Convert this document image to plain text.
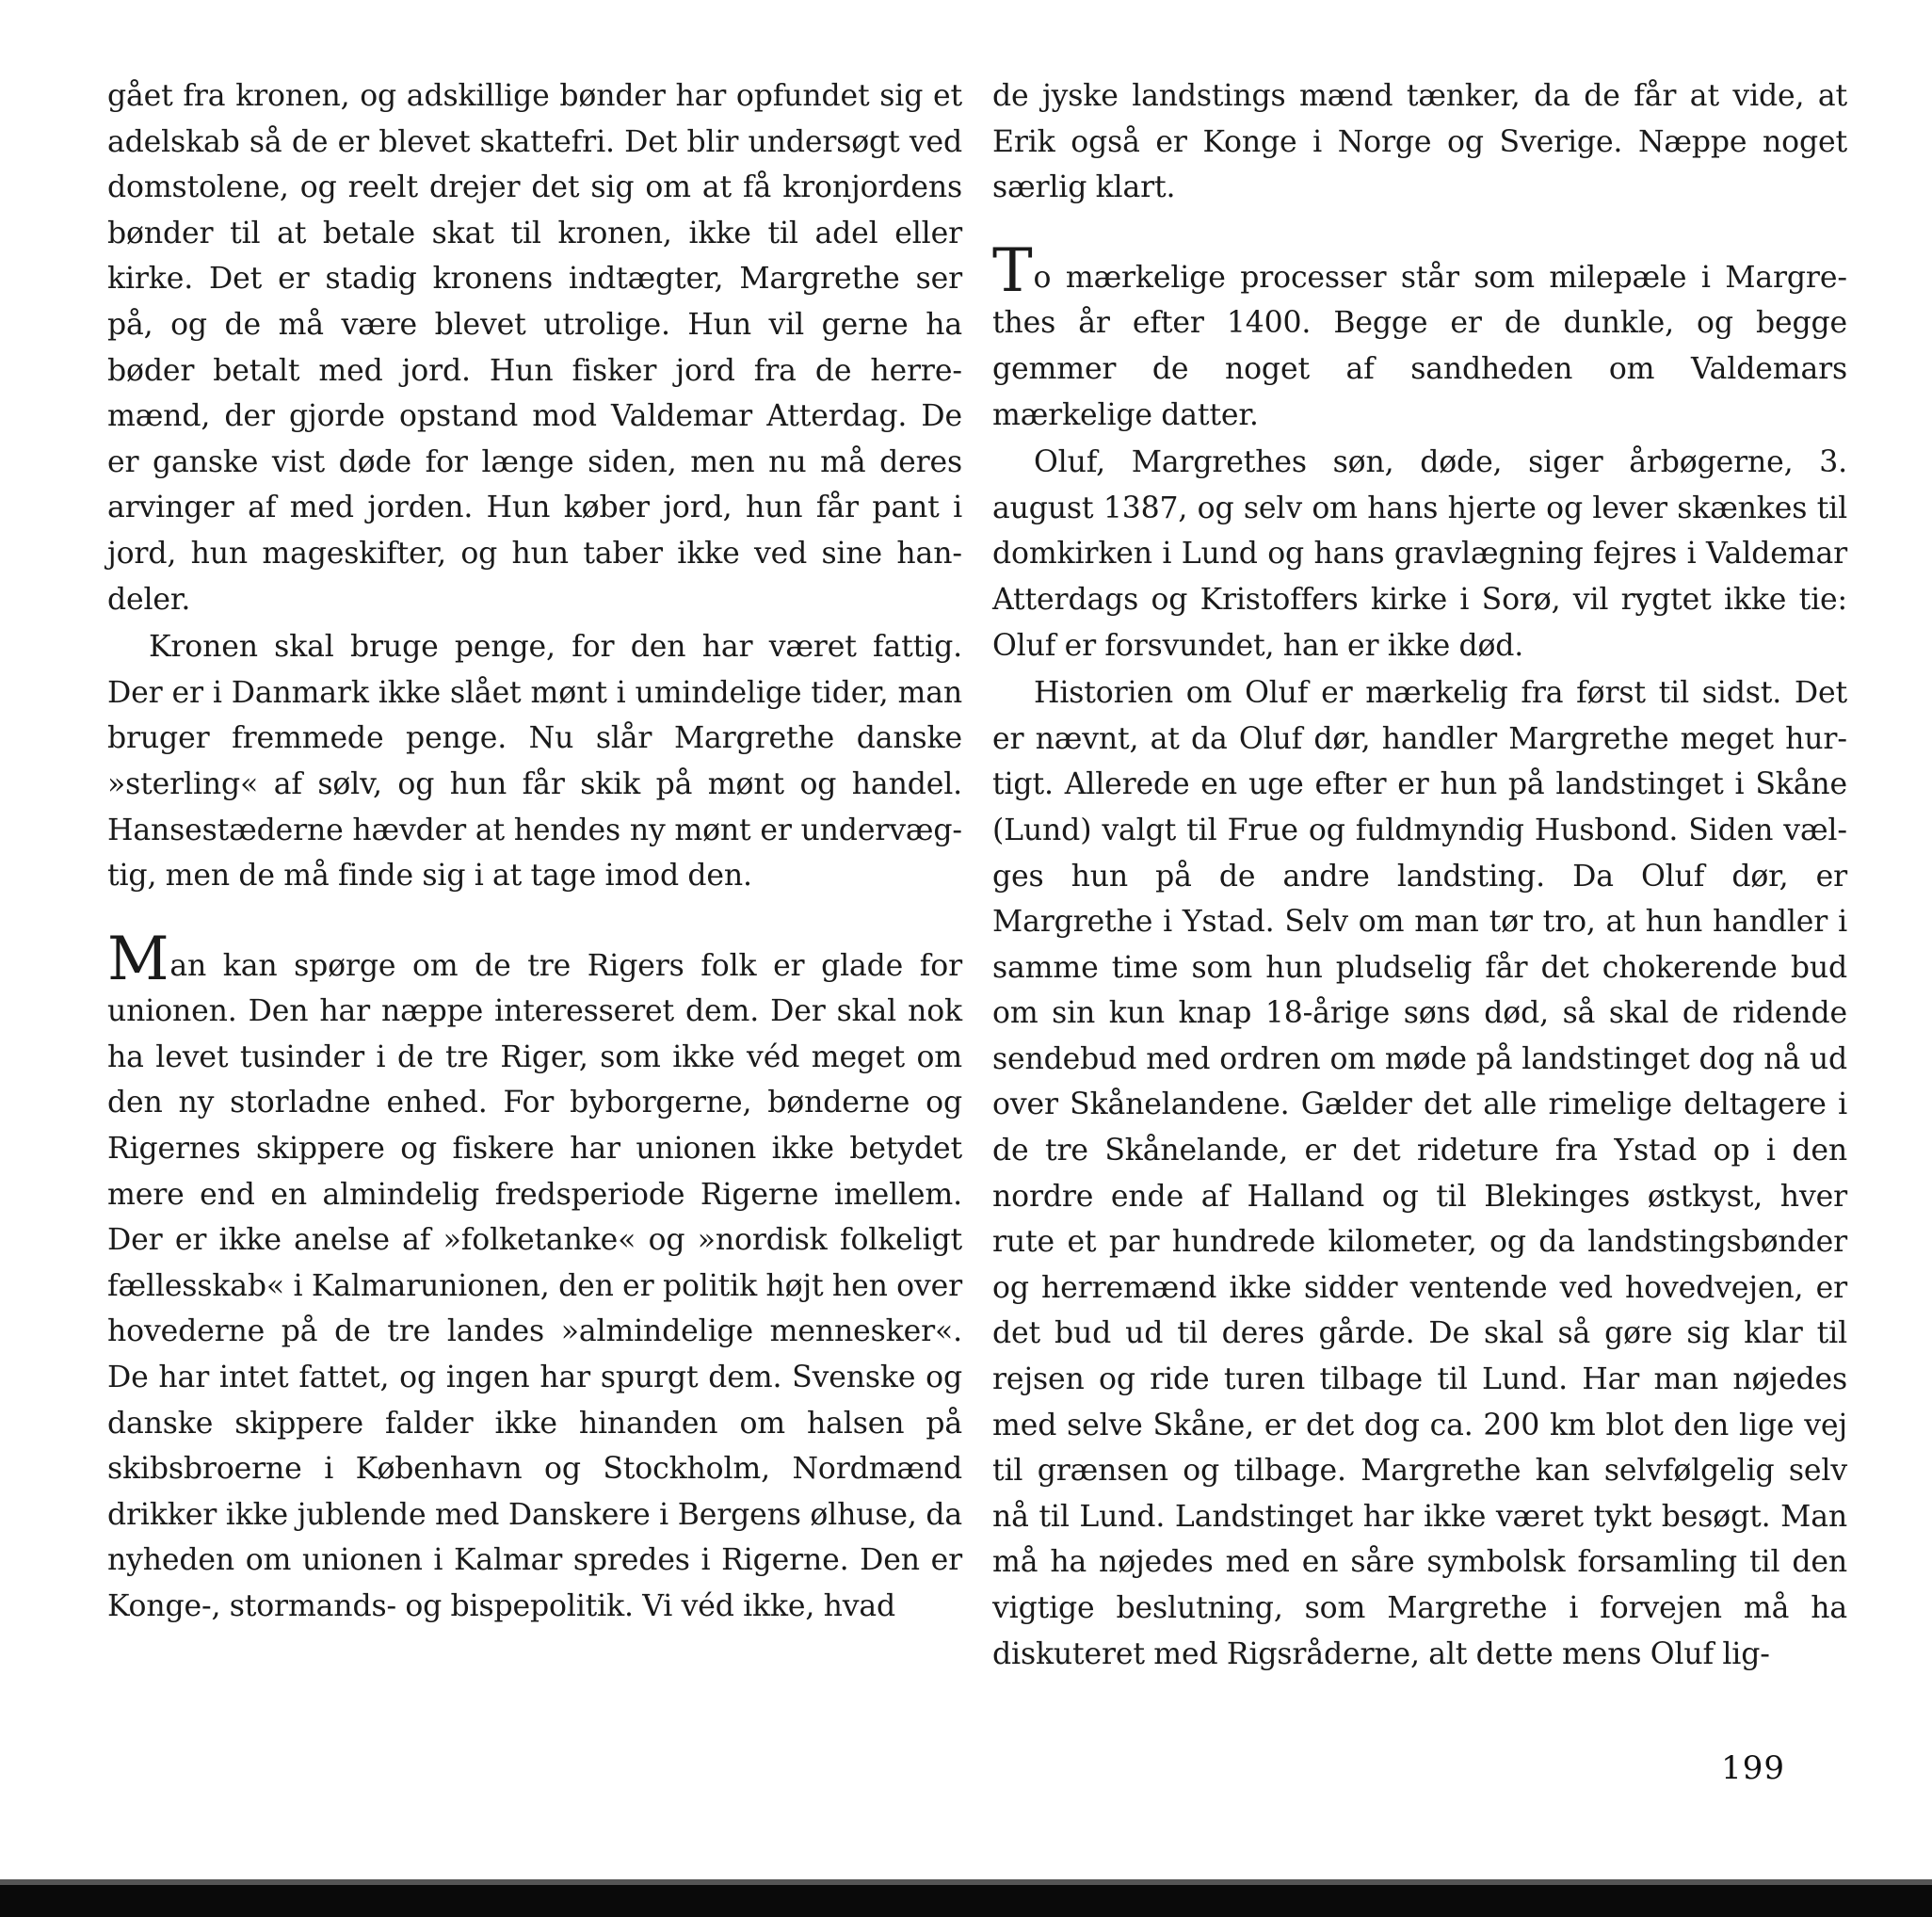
gået fra kronen, og adskillige bønder har opfundet sig et adelskab så de er blevet skattefri. Det blir undersøgt ved domstolene, og reelt drejer det sig om at få kronjordens bønder til at betale skat til kronen, ikke til adel eller kirke. Det er stadig kronens indtægter, Margrethe ser på, og de må være blevet utrolige. Hun vil gerne ha bøder betalt med jord. Hun fisker jord fra de herremænd, der gjorde opstand mod Valdemar Atterdag. De er ganske vist døde for længe siden, men nu må deres arvinger af med jorden. Hun køber jord, hun får pant i jord, hun mageskifter, og hun taber ikke ved sine handeler.

Kronen skal bruge penge, for den har været fattig. Der er i Danmark ikke slået mønt i umindelige tider, man bruger fremmede penge. Nu slår Margrethe danske »sterling« af sølv, og hun får skik på mønt og handel. Hansestæderne hævder at hendes ny mønt er undervægtig, men de må finde sig i at tage imod den.

Man kan spørge om de tre Rigers folk er glade for unionen. Den har næppe interesseret dem. Der skal nok ha levet tusinder i de tre Riger, som ikke véd meget om den ny storladne enhed. For byborgerne, bønderne og Rigernes skippere og fiskere har unionen ikke betydet mere end en almindelig fredsperiode Rigerne imellem. Der er ikke anelse af »folketanke« og »nordisk folkeligt fællesskab« i Kalmarunionen, den er politik højt hen over hovederne på de tre landes »almindelige mennesker«. De har intet fattet, og ingen har spurgt dem. Svenske og danske skippere falder ikke hinanden om halsen på skibsbroerne i København og Stockholm, Nordmænd drikker ikke jublende med Danskere i Bergens ølhuse, da nyheden om unionen i Kalmar spredes i Rigerne. Den er Konge-, stormands- og bispepolitik. Vi véd ikke, hvad

de jyske landstings mænd tænker, da de får at vide, at Erik også er Konge i Norge og Sverige. Næppe noget særlig klart.

To mærkelige processer står som milepæle i Margrethes år efter 1400. Begge er de dunkle, og begge gemmer de noget af sandheden om Valdemars mærkelige datter.

Oluf, Margrethes søn, døde, siger årbøgerne, 3. august 1387, og selv om hans hjerte og lever skænkes til domkirken i Lund og hans gravlægning fejres i Valdemar Atterdags og Kristoffers kirke i Sorø, vil rygtet ikke tie: Oluf er forsvundet, han er ikke død.

Historien om Oluf er mærkelig fra først til sidst. Det er nævnt, at da Oluf dør, handler Margrethe meget hurtigt. Allerede en uge efter er hun på landstinget i Skåne (Lund) valgt til Frue og fuldmyndig Husbond. Siden vælges hun på de andre landsting. Da Oluf dør, er Margrethe i Ystad. Selv om man tør tro, at hun handler i samme time som hun pludselig får det chokerende bud om sin kun knap 18-årige søns død, så skal de ridende sendebud med ordren om møde på landstinget dog nå ud over Skånelandene. Gælder det alle rimelige deltagere i de tre Skånelande, er det rideture fra Ystad op i den nordre ende af Halland og til Blekinges østkyst, hver rute et par hundrede kilometer, og da landstingsbønder og herremænd ikke sidder ventende ved hovedvejen, er det bud ud til deres gårde. De skal så gøre sig klar til rejsen og ride turen tilbage til Lund. Har man nøjedes med selve Skåne, er det dog ca. 200 km blot den lige vej til grænsen og tilbage. Margrethe kan selvfølgelig selv nå til Lund. Landstinget har ikke været tykt besøgt. Man må ha nøjedes med en såre symbolsk forsamling til den vigtige beslutning, som Margrethe i forvejen må ha diskuteret med Rigsråderne, alt dette mens Oluf lig-

199
